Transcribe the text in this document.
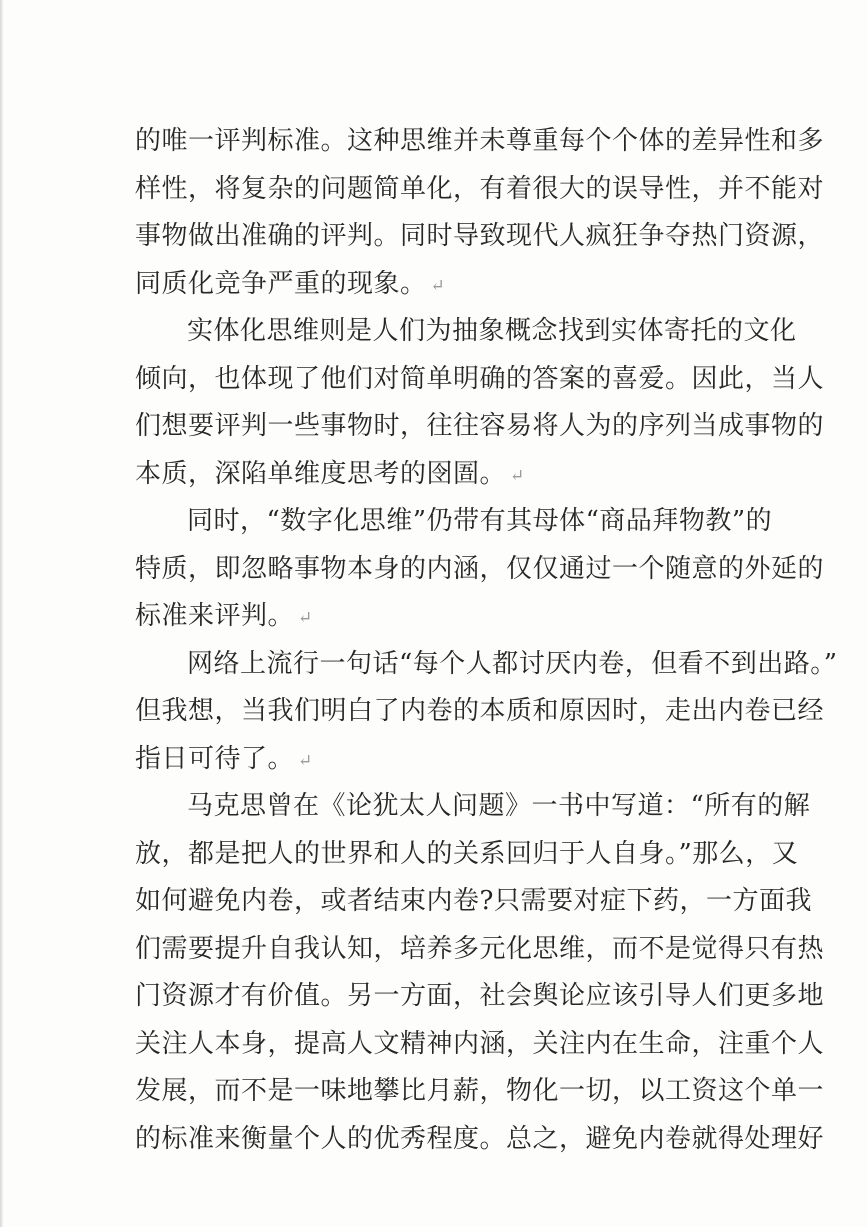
的唯一评判标准。这种思维并未尊重每个个体的差异性和多
样性，将复杂的问题简单化，有着很大的误导性，并不能对
事物做出准确的评判。同时导致现代人疯狂争夺热门资源，
同质化竞争严重的现象。 ↵
实体化思维则是人们为抽象概念找到实体寄托的文化
倾向，也体现了他们对简单明确的答案的喜爱。因此，当人
们想要评判一些事物时，往往容易将人为的序列当成事物的
本质，深陷单维度思考的囹圄。 ↵
同时，“数字化思维”仍带有其母体“商品拜物教”的
特质，即忽略事物本身的内涵，仅仅通过一个随意的外延的
标准来评判。 ↵
网络上流行一句话“每个人都讨厌内卷，但看不到出路。”
但我想，当我们明白了内卷的本质和原因时，走出内卷已经
指日可待了。 ↵
马克思曾在《论犹太人问题》一书中写道：“所有的解
放，都是把人的世界和人的关系回归于人自身。”那么，又
如何避免内卷，或者结束内卷?只需要对症下药，一方面我
们需要提升自我认知，培养多元化思维，而不是觉得只有热
门资源才有价值。另一方面，社会舆论应该引导人们更多地
关注人本身，提高人文精神内涵，关注内在生命，注重个人
发展，而不是一味地攀比月薪，物化一切，以工资这个单一
的标准来衡量个人的优秀程度。总之，避免内卷就得处理好
